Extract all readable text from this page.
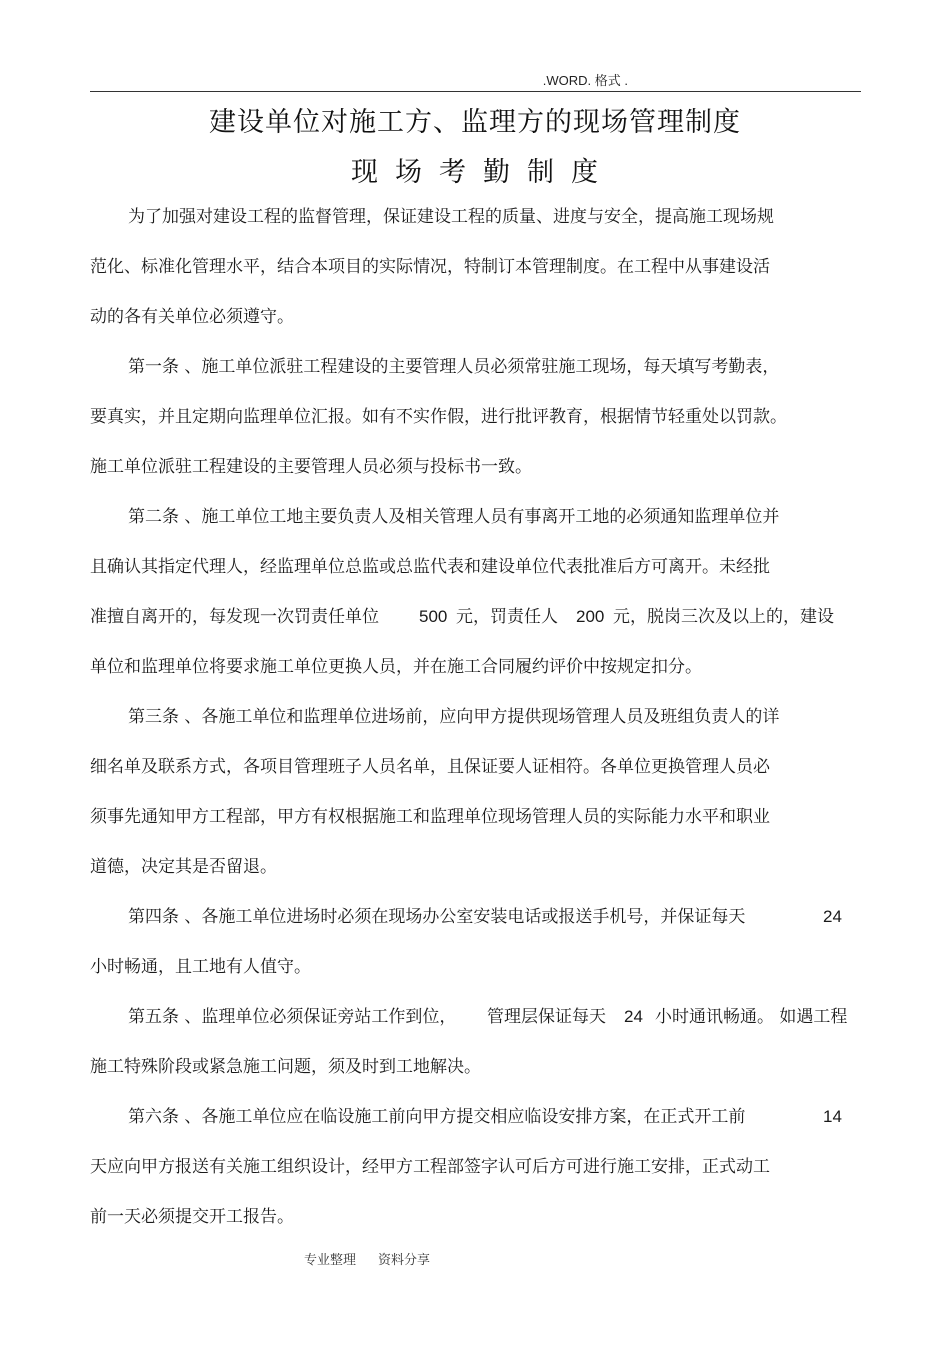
.WORD. 格式 .
建设单位对施工方、监理方的现场管理制度
现场考勤制度
为了加强对建设工程的监督管理，保证建设工程的质量、进度与安全，提高施工现场规
范化、标准化管理水平，结合本项目的实际情况，特制订本管理制度。在工程中从事建设活
动的各有关单位必须遵守。
第一条 、施工单位派驻工程建设的主要管理人员必须常驻施工现场，每天填写考勤表，
要真实，并且定期向监理单位汇报。如有不实作假，进行批评教育，根据情节轻重处以罚款。
施工单位派驻工程建设的主要管理人员必须与投标书一致。
第二条 、施工单位工地主要负责人及相关管理人员有事离开工地的必须通知监理单位并
且确认其指定代理人，经监理单位总监或总监代表和建设单位代表批准后方可离开。未经批
准擅自离开的，每发现一次罚责任单位 500 元，罚责任人 200 元，脱岗三次及以上的，建设
单位和监理单位将要求施工单位更换人员，并在施工合同履约评价中按规定扣分。
第三条 、各施工单位和监理单位进场前，应向甲方提供现场管理人员及班组负责人的详
细名单及联系方式，各项目管理班子人员名单，且保证要人证相符。各单位更换管理人员必
须事先通知甲方工程部，甲方有权根据施工和监理单位现场管理人员的实际能力水平和职业
道德，决定其是否留退。
第四条 、各施工单位进场时必须在现场办公室安装电话或报送手机号，并保证每天	24
小时畅通，且工地有人值守。
第五条 、监理单位必须保证旁站工作到位， 管理层保证每天 24 小时通讯畅通。 如遇工程
施工特殊阶段或紧急施工问题，须及时到工地解决。
第六条 、各施工单位应在临设施工前向甲方提交相应临设安排方案，在正式开工前	14
天应向甲方报送有关施工组织设计，经甲方工程部签字认可后方可进行施工安排，正式动工
前一天必须提交开工报告。
专业整理 资料分享
